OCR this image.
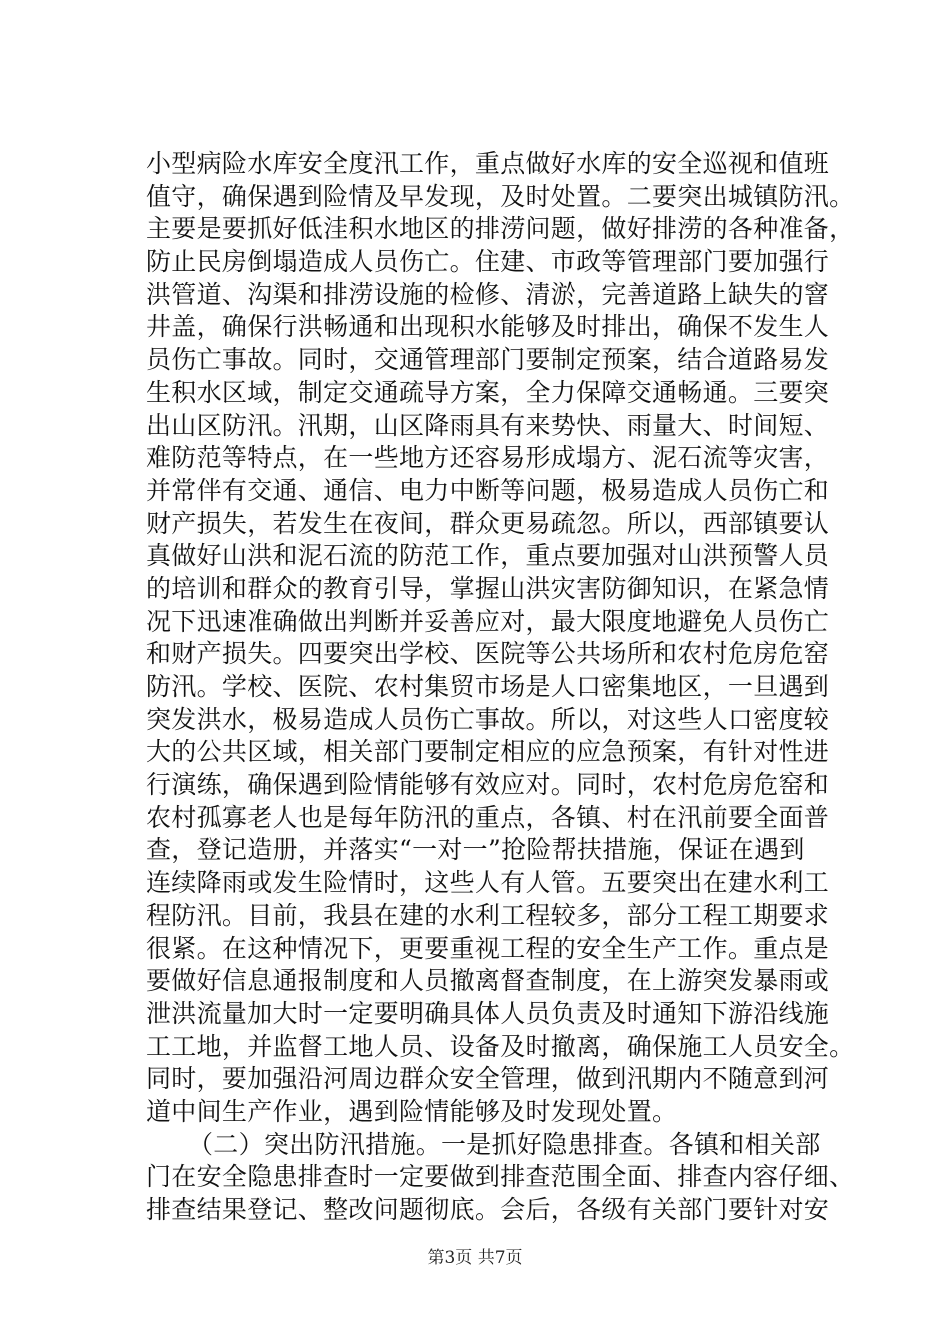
小型病险水库安全度汛工作，重点做好水库的安全巡视和值班
值守，确保遇到险情及早发现，及时处置。二要突出城镇防汛。
主要是要抓好低洼积水地区的排涝问题，做好排涝的各种准备，
防止民房倒塌造成人员伤亡。住建、市政等管理部门要加强行
洪管道、沟渠和排涝设施的检修、清淤，完善道路上缺失的窨
井盖，确保行洪畅通和出现积水能够及时排出，确保不发生人
员伤亡事故。同时，交通管理部门要制定预案，结合道路易发
生积水区域，制定交通疏导方案，全力保障交通畅通。三要突
出山区防汛。汛期，山区降雨具有来势快、雨量大、时间短、
难防范等特点，在一些地方还容易形成塌方、泥石流等灾害，
并常伴有交通、通信、电力中断等问题，极易造成人员伤亡和
财产损失，若发生在夜间，群众更易疏忽。所以，西部镇要认
真做好山洪和泥石流的防范工作，重点要加强对山洪预警人员
的培训和群众的教育引导，掌握山洪灾害防御知识，在紧急情
况下迅速准确做出判断并妥善应对，最大限度地避免人员伤亡
和财产损失。四要突出学校、医院等公共场所和农村危房危窑
防汛。学校、医院、农村集贸市场是人口密集地区，一旦遇到
突发洪水，极易造成人员伤亡事故。所以，对这些人口密度较
大的公共区域，相关部门要制定相应的应急预案，有针对性进
行演练，确保遇到险情能够有效应对。同时，农村危房危窑和
农村孤寡老人也是每年防汛的重点，各镇、村在汛前要全面普
查，登记造册，并落实“一对一”抢险帮扶措施，保证在遇到
连续降雨或发生险情时，这些人有人管。五要突出在建水利工
程防汛。目前，我县在建的水利工程较多，部分工程工期要求
很紧。在这种情况下，更要重视工程的安全生产工作。重点是
要做好信息通报制度和人员撤离督查制度，在上游突发暴雨或
泄洪流量加大时一定要明确具体人员负责及时通知下游沿线施
工工地，并监督工地人员、设备及时撤离，确保施工人员安全。
同时，要加强沿河周边群众安全管理，做到汛期内不随意到河
道中间生产作业，遇到险情能够及时发现处置。
（二）突出防汛措施。一是抓好隐患排查。各镇和相关部
门在安全隐患排查时一定要做到排查范围全面、排查内容仔细、
排查结果登记、整改问题彻底。会后，各级有关部门要针对安
第3页 共7页
